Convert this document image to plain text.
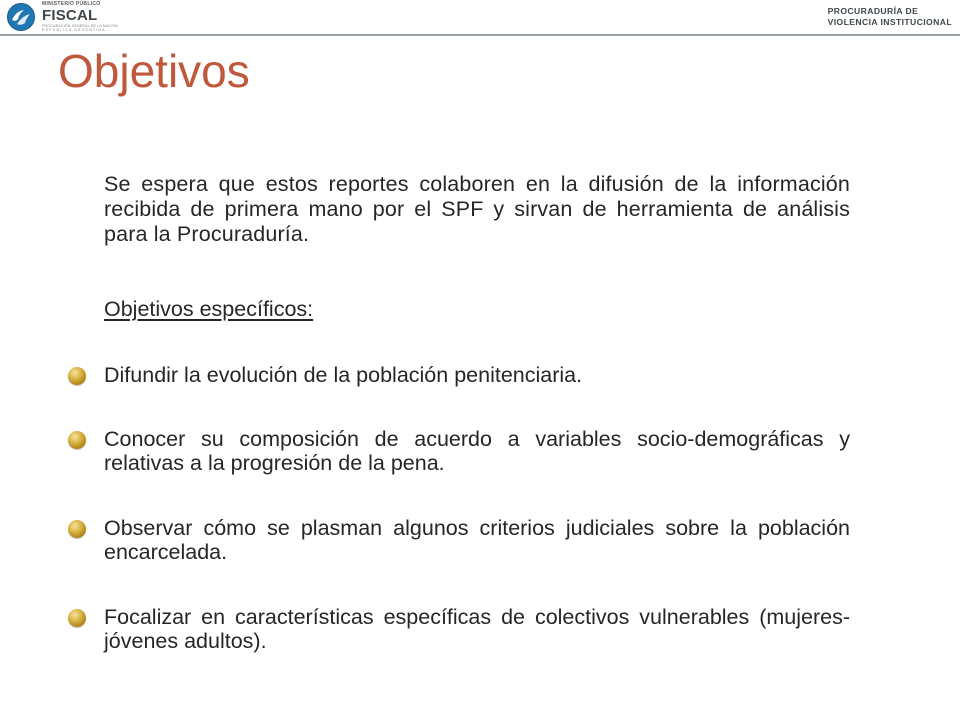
MINISTERIO PÚBLICO
FISCAL
PROCURACIÓN GENERAL DE LA NACIÓN
REPÚBLICA ARGENTINA
PROCURADURÍA DE
VIOLENCIA INSTITUCIONAL
Objetivos

Se espera que estos reportes colaboren en la difusión de la información recibida de primera mano por el SPF y sirvan de herramienta de análisis para la Procuraduría.

Objetivos específicos:

Difundir la evolución de la población penitenciaria.

Conocer su composición de acuerdo a variables socio-demográficas y relativas a la progresión de la pena.

Observar cómo se plasman algunos criterios judiciales sobre la población encarcelada.

Focalizar en características específicas de colectivos vulnerables (mujeres-jóvenes adultos).
